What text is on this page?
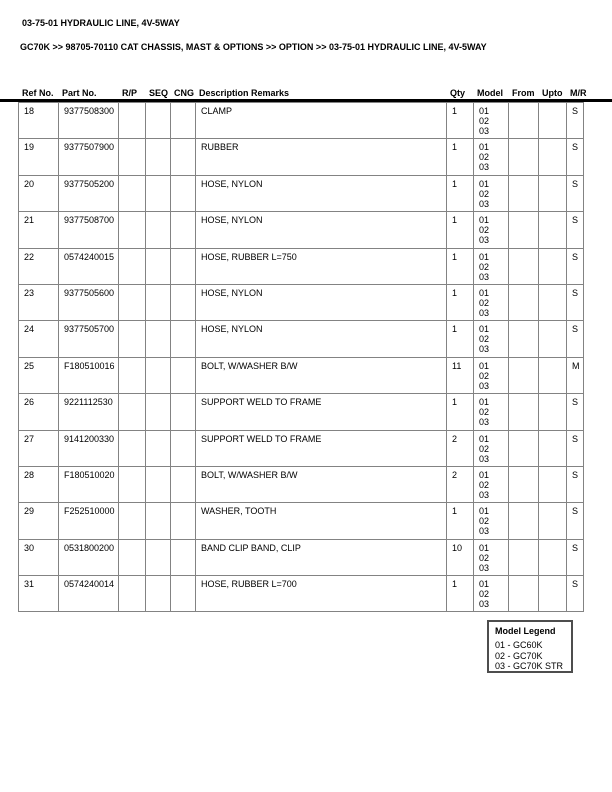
03-75-01 HYDRAULIC LINE, 4V-5WAY
GC70K >> 98705-70110 CAT CHASSIS, MAST & OPTIONS >> OPTION >> 03-75-01 HYDRAULIC LINE, 4V-5WAY
Ref No. Part No.	R/P	SEQ CNG Description Remarks	Qty	Model	From Upto M/R
18	9377508300				CLAMP	1	01
02
03			S
19	9377507900				RUBBER	1	01
02
03			S
20	9377505200				HOSE, NYLON	1	01
02
03			S
21	9377508700				HOSE, NYLON	1	01
02
03			S
22	0574240015				HOSE, RUBBER L=750	1	01
02
03			S
23	9377505600				HOSE, NYLON	1	01
02
03			S
24	9377505700				HOSE, NYLON	1	01
02
03			S
25	F180510016				BOLT, W/WASHER B/W	11	01
02
03			M
26	9221112530				SUPPORT WELD TO FRAME	1	01
02
03			S
27	9141200330				SUPPORT WELD TO FRAME	2	01
02
03			S
28	F180510020				BOLT, W/WASHER B/W	2	01
02
03			S
29	F252510000				WASHER, TOOTH	1	01
02
03			S
30	0531800200				BAND CLIP BAND, CLIP	10	01
02
03			S
31	0574240014				HOSE, RUBBER L=700	1	01
02
03			S
Model Legend
01 - GC60K
02 - GC70K
03 - GC70K STR
